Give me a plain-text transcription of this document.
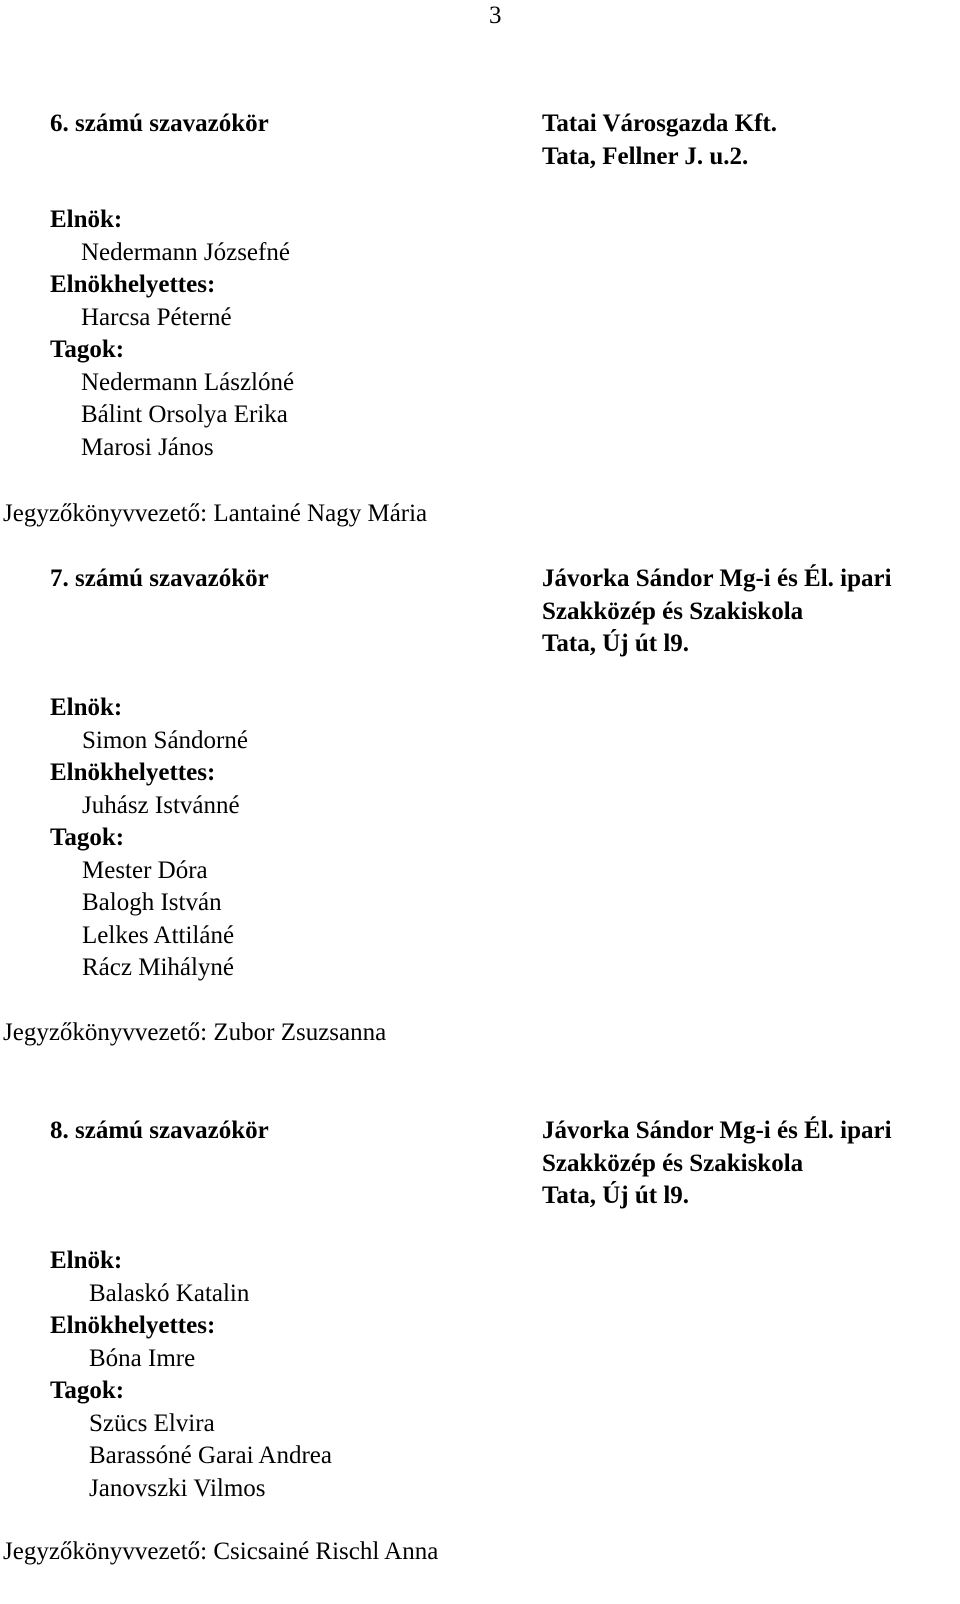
3
6. számú szavazókör	Tatai Városgazda Kft.
Tata, Fellner J. u.2.
Elnök:
Nedermann Józsefné
Elnökhelyettes:
Harcsa Péterné
Tagok:
Nedermann Lászlóné
Bálint Orsolya Erika
Marosi János
Jegyzőkönyvvezető: Lantainé Nagy Mária
7. számú szavazókör	Jávorka Sándor Mg-i és Él. ipari
Szakközép és Szakiskola
Tata, Új út l9.
Elnök:
Simon Sándorné
Elnökhelyettes:
Juhász Istvánné
Tagok:
Mester Dóra
Balogh István
Lelkes Attiláné
Rácz Mihályné
Jegyzőkönyvvezető: Zubor Zsuzsanna
8. számú szavazókör	Jávorka Sándor Mg-i és Él. ipari
Szakközép és Szakiskola
Tata, Új út l9.
Elnök:
Balaskó Katalin
Elnökhelyettes:
Bóna Imre
Tagok:
Szücs Elvira
Barassóné Garai Andrea
Janovszki Vilmos
Jegyzőkönyvvezető: Csicsainé Rischl Anna
